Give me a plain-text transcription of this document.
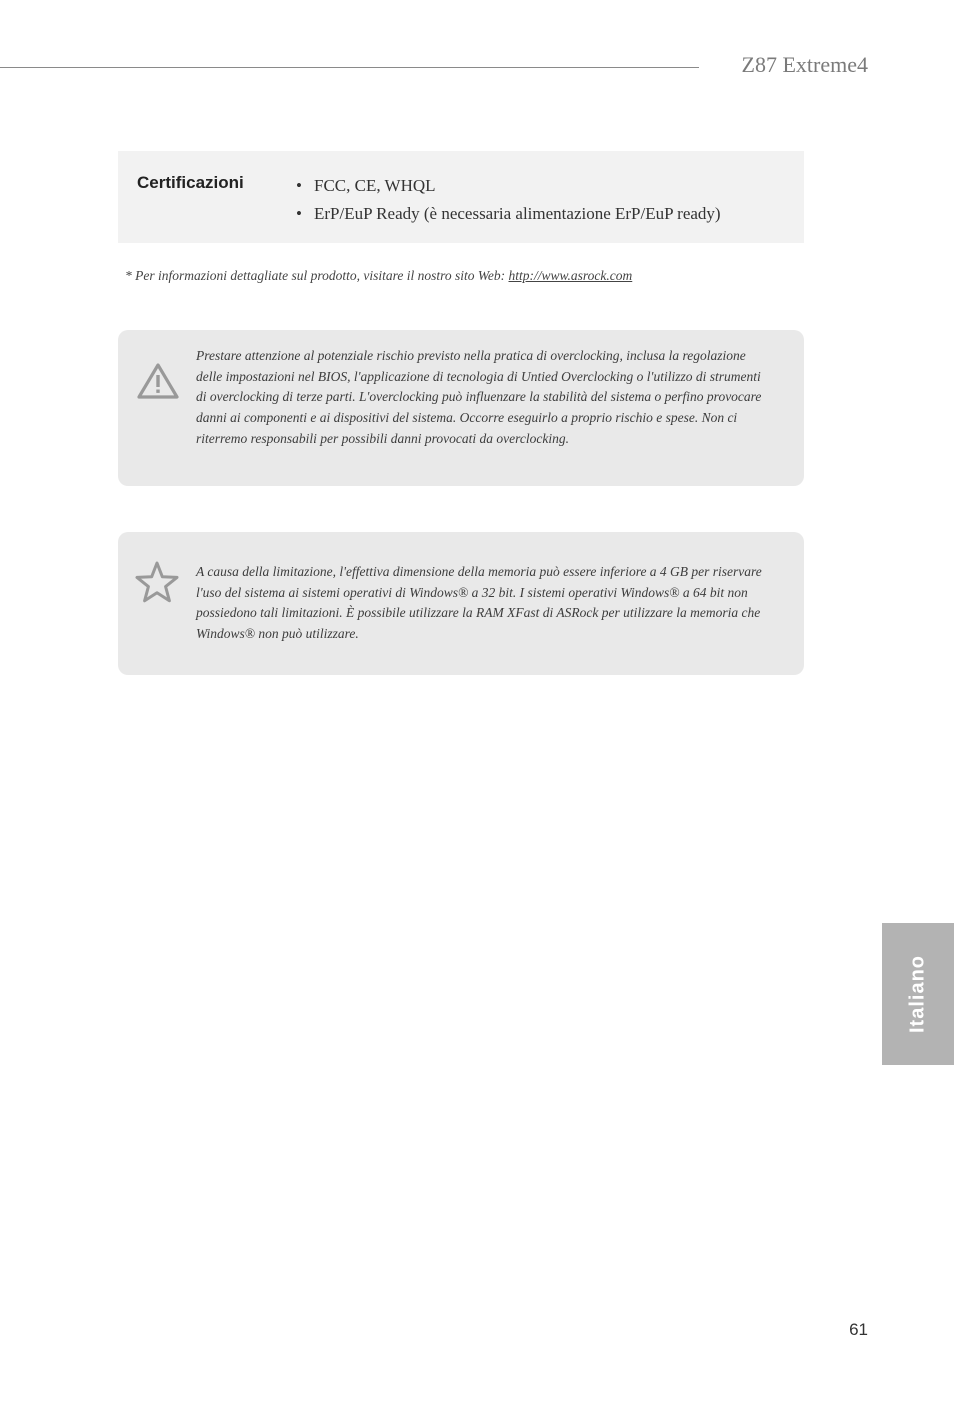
Z87 Extreme4
Certificazioni	• FCC, CE, WHQL
• ErP/EuP Ready (è necessaria alimentazione ErP/EuP ready)
* Per informazioni dettagliate sul prodotto, visitare il nostro sito Web: http://www.asrock.com
Prestare attenzione al potenziale rischio previsto nella pratica di overclocking, inclusa la regolazione delle impostazioni nel BIOS, l'applicazione di tecnologia di Untied Overclocking o l'utilizzo di strumenti di overclocking di terze parti. L'overclocking può influenzare la stabilità del sistema o perfino provocare danni ai componenti e ai dispositivi del sistema. Occorre eseguirlo a proprio rischio e spese. Non ci riterremo responsabili per possibili danni provocati da overclocking.
A causa della limitazione, l'effettiva dimensione della memoria può essere inferiore a 4 GB per riservare l'uso del sistema ai sistemi operativi di Windows® a 32 bit. I sistemi operativi Windows® a 64 bit non possiedono tali limitazioni. È possibile utilizzare la RAM XFast di ASRock per utilizzare la memoria che Windows® non può utilizzare.
Italiano
61
